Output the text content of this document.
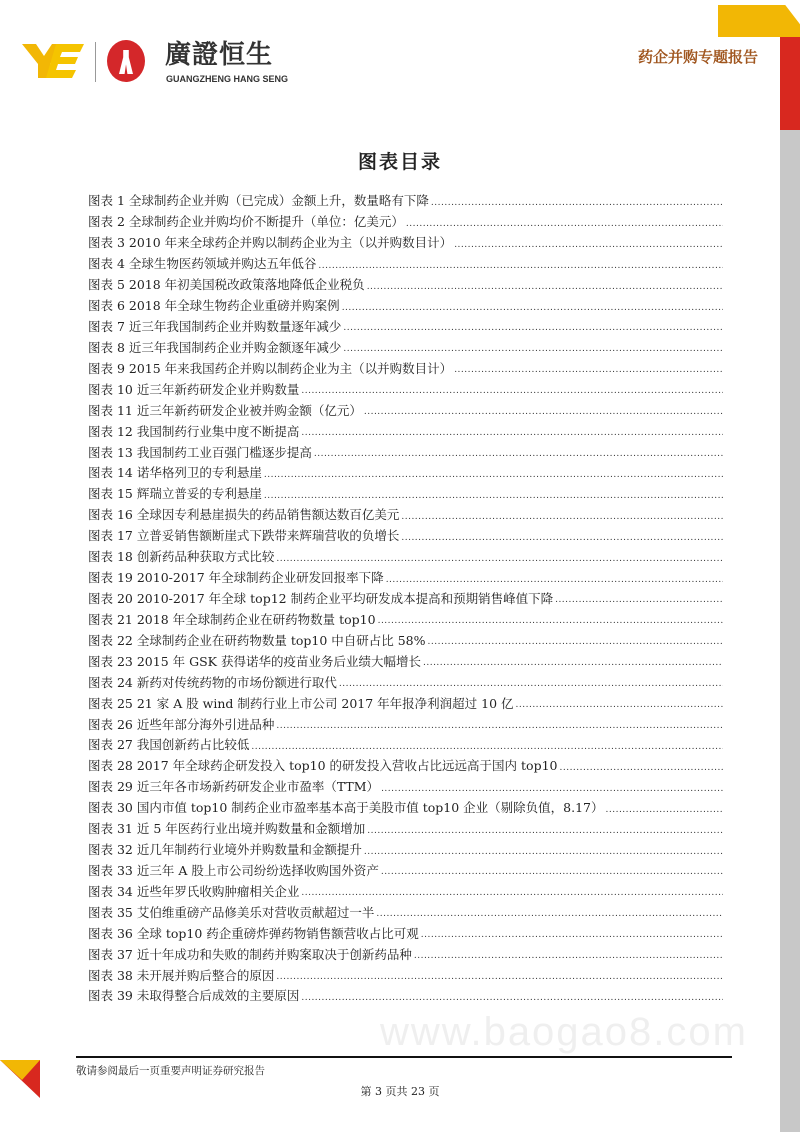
廣證恒生
GUANGZHENG HANG SENG
药企并购专题报告
图表目录
图表 1 全球制药企业并购（已完成）金额上升，数量略有下降
.....
图表 2 全球制药企业并购均价不断提升（单位：亿美元）
.....
图表 3 2010 年来全球药企并购以制药企业为主（以并购数目计）
.....
图表 4 全球生物医药领域并购达五年低谷
.....
图表 5 2018 年初美国税改政策落地降低企业税负
.....
图表 6 2018 年全球生物药企业重磅并购案例
.....
图表 7 近三年我国制药企业并购数量逐年减少
.....
图表 8 近三年我国制药企业并购金额逐年减少
.....
图表 9 2015 年来我国药企并购以制药企业为主（以并购数目计）
.....
图表 10 近三年新药研发企业并购数量
.....
图表 11 近三年新药研发企业被并购金额（亿元）
.....
图表 12 我国制药行业集中度不断提高
.....
图表 13 我国制药工业百强门槛逐步提高
.....
图表 14 诺华格列卫的专利悬崖
.....
图表 15 辉瑞立普妥的专利悬崖
.....
图表 16 全球因专利悬崖损失的药品销售额达数百亿美元
.....
图表 17 立普妥销售额断崖式下跌带来辉瑞营收的负增长
.....
图表 18 创新药品种获取方式比较
.....
图表 19 2010-2017 年全球制药企业研发回报率下降
.....
图表 20 2010-2017 年全球 top12 制药企业平均研发成本提高和预期销售峰值下降
.....
图表 21 2018 年全球制药企业在研药物数量 top10
.....
图表 22 全球制药企业在研药物数量 top10 中自研占比 58%
.....
图表 23 2015 年 GSK 获得诺华的疫苗业务后业绩大幅增长
.....
图表 24 新药对传统药物的市场份额进行取代
.....
图表 25 21 家 A 股 wind 制药行业上市公司 2017 年年报净利润超过 10 亿
.....
图表 26 近些年部分海外引进品种
.....
图表 27 我国创新药占比较低
.....
图表 28 2017 年全球药企研发投入 top10 的研发投入营收占比远远高于国内 top10
.....
图表 29 近三年各市场新药研发企业市盈率（TTM）
.....
图表 30 国内市值 top10 制药企业市盈率基本高于美股市值 top10 企业（剔除负值，8.17）
.....
图表 31 近 5 年医药行业出境并购数量和金额增加
.....
图表 32 近几年制药行业境外并购数量和金额提升
.....
图表 33 近三年 A 股上市公司纷纷选择收购国外资产
.....
图表 34 近些年罗氏收购肿瘤相关企业
.....
图表 35 艾伯维重磅产品修美乐对营收贡献超过一半
.....
图表 36 全球 top10 药企重磅炸弹药物销售额营收占比可观
.....
图表 37 近十年成功和失败的制药并购案取决于创新药品种
.....
图表 38 未开展并购后整合的原因
.....
图表 39 未取得整合后成效的主要原因
.....
www.baogao8.com
敬请参阅最后一页重要声明证券研究报告
第 3 页共 23 页
